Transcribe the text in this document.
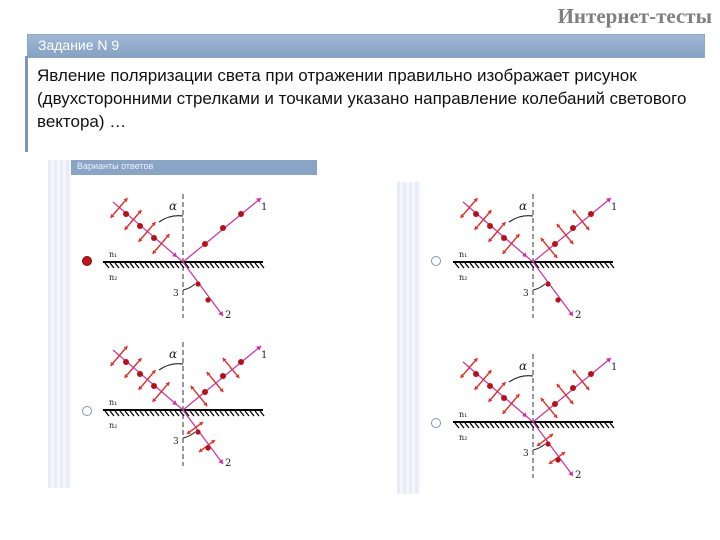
Интернет-тесты
Задание N 9
Явление поляризации света при отражении правильно изображает рисунок (двухсторонними стрелками и точками указано направление колебаний светового вектора) …
Варианты ответов
1
2
α
3
n₁
n₂
1
2
α
3
n₁
n₂
1
2
α
3
n₁
n₂
1
2
α
3
n₁
n₂
